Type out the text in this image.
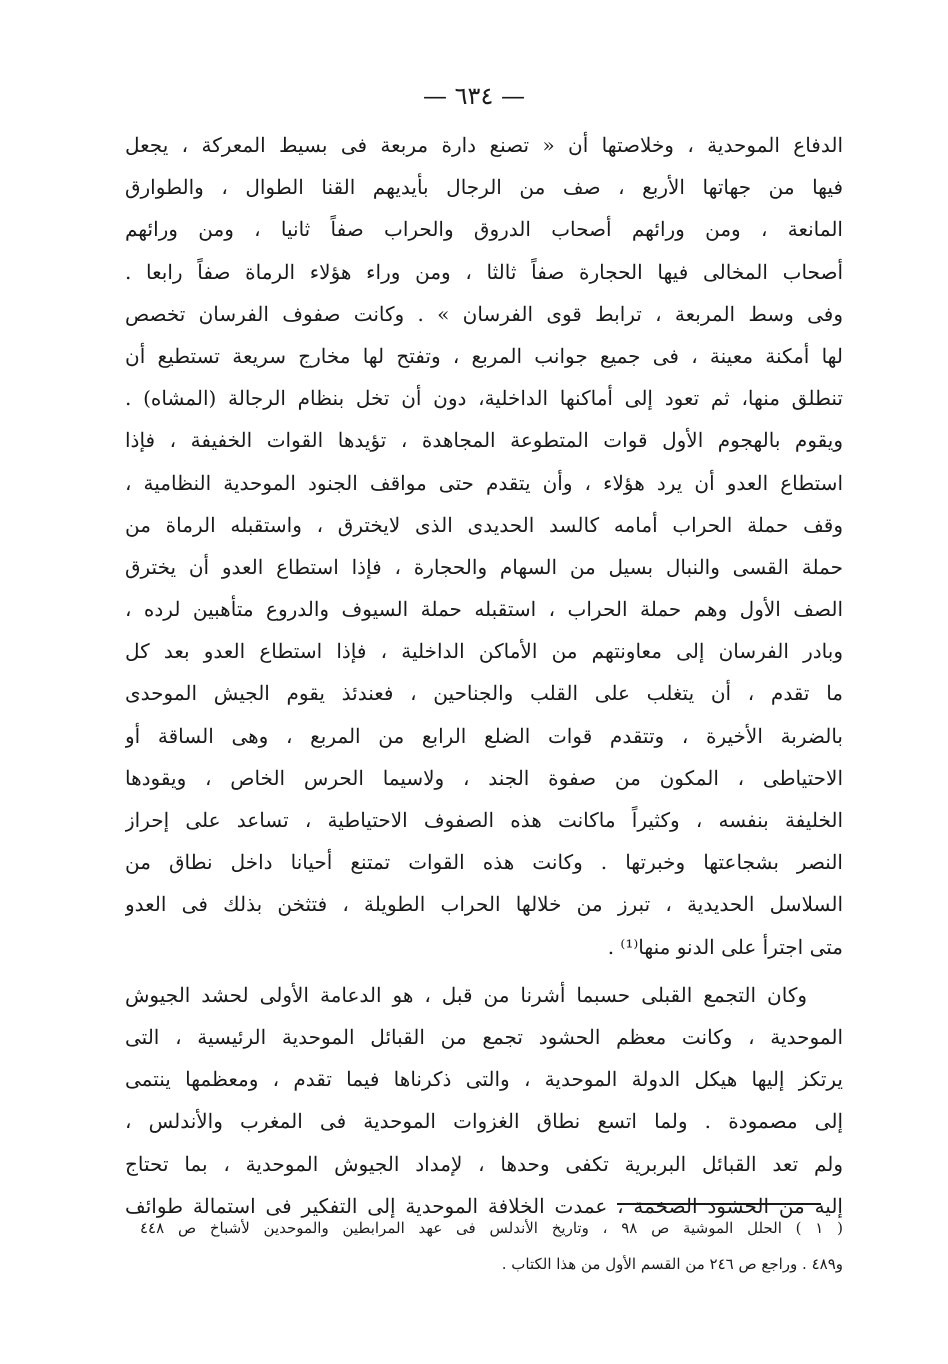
— ٦٣٤ —
الدفاع الموحدية ، وخلاصتها أن « تصنع دارة مربعة فى بسيط المعركة ، يجعل
فيها من جهاتها الأربع ، صف من الرجال بأيديهم القنا الطوال ، والطوارق
المانعة ، ومن ورائهم أصحاب الدروق والحراب صفاً ثانيا ، ومن ورائهم
أصحاب المخالى فيها الحجارة صفاً ثالثا ، ومن وراء هؤلاء الرماة صفاً رابعا .
وفى وسط المربعة ، ترابط قوى الفرسان » . وكانت صفوف الفرسان تخصص
لها أمكنة معينة ، فى جميع جوانب المربع ، وتفتح لها مخارج سريعة تستطيع أن
تنطلق منها، ثم تعود إلى أماكنها الداخلية، دون أن تخل بنظام الرجالة (المشاه) .
ويقوم بالهجوم الأول قوات المتطوعة المجاهدة ، تؤيدها القوات الخفيفة ، فإذا
استطاع العدو أن يرد هؤلاء ، وأن يتقدم حتى مواقف الجنود الموحدية النظامية ،
وقف حملة الحراب أمامه كالسد الحديدى الذى لايخترق ، واستقبله الرماة من
حملة القسى والنبال بسيل من السهام والحجارة ، فإذا استطاع العدو أن يخترق
الصف الأول وهم حملة الحراب ، استقبله حملة السيوف والدروع متأهبين لرده ،
وبادر الفرسان إلى معاونتهم من الأماكن الداخلية ، فإذا استطاع العدو بعد كل
ما تقدم ، أن يتغلب على القلب والجناحين ، فعندئذ يقوم الجيش الموحدى
بالضربة الأخيرة ، وتتقدم قوات الضلع الرابع من المربع ، وهى الساقة أو
الاحتياطى ، المكون من صفوة الجند ، ولاسيما الحرس الخاص ، ويقودها
الخليفة بنفسه ، وكثيراً ماكانت هذه الصفوف الاحتياطية ، تساعد على إحراز
النصر بشجاعتها وخبرتها . وكانت هذه القوات تمتنع أحيانا داخل نطاق من
السلاسل الحديدية ، تبرز من خلالها الحراب الطويلة ، فتثخن بذلك فى العدو
متى اجترأ على الدنو منها⁽¹⁾ .
وكان التجمع القبلى حسبما أشرنا من قبل ، هو الدعامة الأولى لحشد الجيوش
الموحدية ، وكانت معظم الحشود تجمع من القبائل الموحدية الرئيسية ، التى
يرتكز إليها هيكل الدولة الموحدية ، والتى ذكرناها فيما تقدم ، ومعظمها ينتمى
إلى مصمودة . ولما اتسع نطاق الغزوات الموحدية فى المغرب والأندلس ،
ولم تعد القبائل البربرية تكفى وحدها ، لإمداد الجيوش الموحدية ، بما تحتاج
إليه من الحشود الضخمة ، عمدت الخلافة الموحدية إلى التفكير فى استمالة طوائف
( ١ ) الحلل الموشية ص ٩٨ ، وتاريخ الأندلس فى عهد المرابطين والموحدين لأشباخ ص ٤٤٨
و٤٨٩ . وراجع ص ٢٤٦ من القسم الأول من هذا الكتاب .
